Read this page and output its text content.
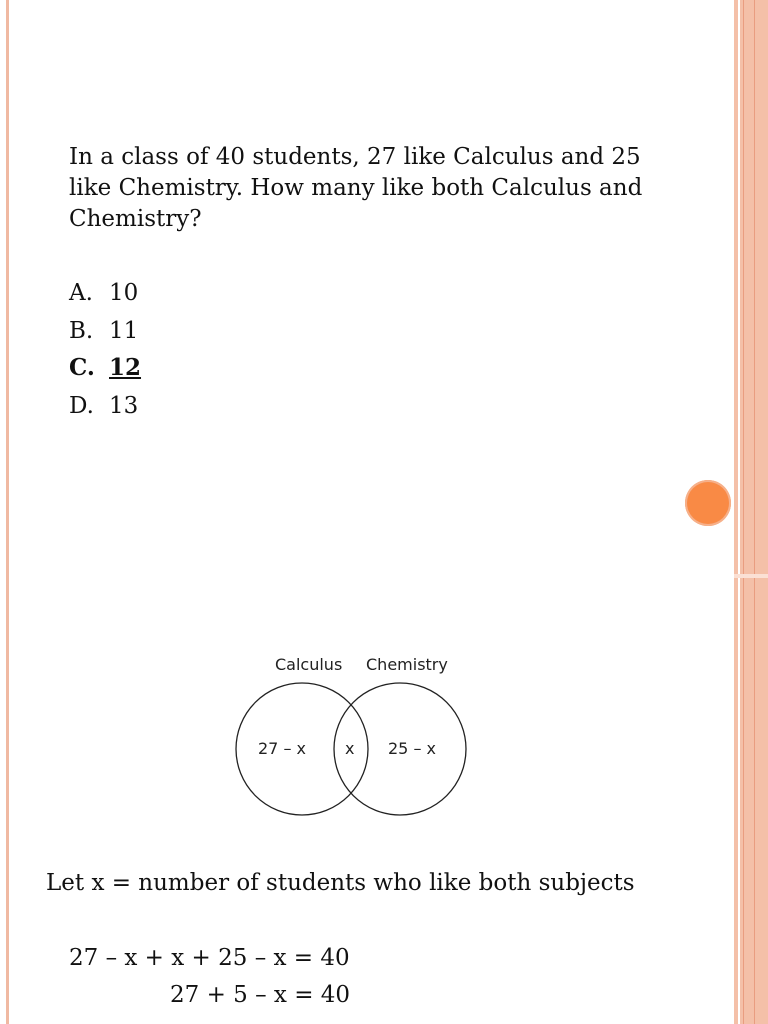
In a class of 40 students, 27 like Calculus and 25 like Chemistry. How many like both Calculus and Chemistry?

A. 10
B. 11
C. 12
D. 13
Calculus Chemistry
27 – x x 25 – x

Let x = number of students who like both subjects

27 – x + x + 25 – x = 40

27 + 5 – x = 40
